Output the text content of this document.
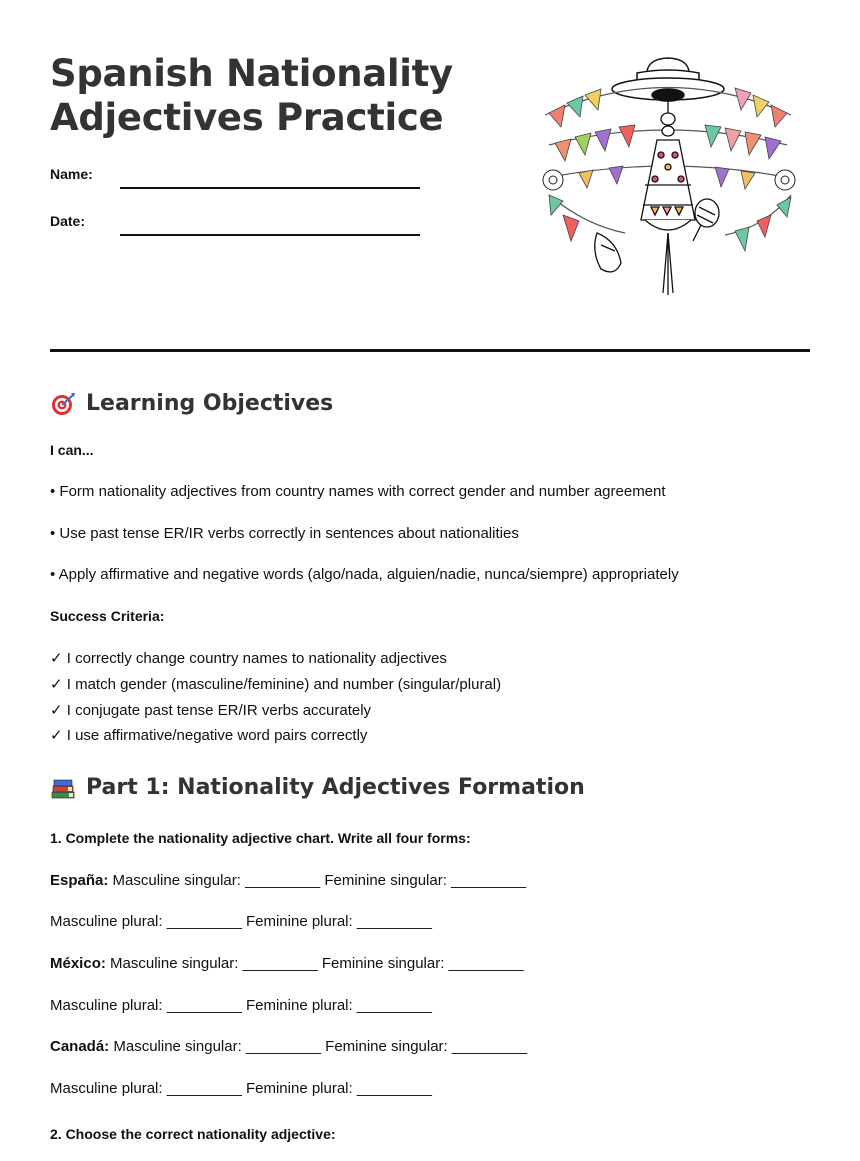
Spanish Nationality
Adjectives Practice
Name:
Date:
Learning Objectives
I can...
• Form nationality adjectives from country names with correct gender and number agreement
• Use past tense ER/IR verbs correctly in sentences about nationalities
• Apply affirmative and negative words (algo/nada, alguien/nadie, nunca/siempre) appropriately
Success Criteria:
✓ I correctly change country names to nationality adjectives
✓ I match gender (masculine/feminine) and number (singular/plural)
✓ I conjugate past tense ER/IR verbs accurately
✓ I use affirmative/negative word pairs correctly
Part 1: Nationality Adjectives Formation
1. Complete the nationality adjective chart. Write all four forms:
España: Masculine singular: _________ Feminine singular: _________
Masculine plural: _________ Feminine plural: _________
México: Masculine singular: _________ Feminine singular: _________
Masculine plural: _________ Feminine plural: _________
Canadá: Masculine singular: _________ Feminine singular: _________
Masculine plural: _________ Feminine plural: _________
2. Choose the correct nationality adjective:
